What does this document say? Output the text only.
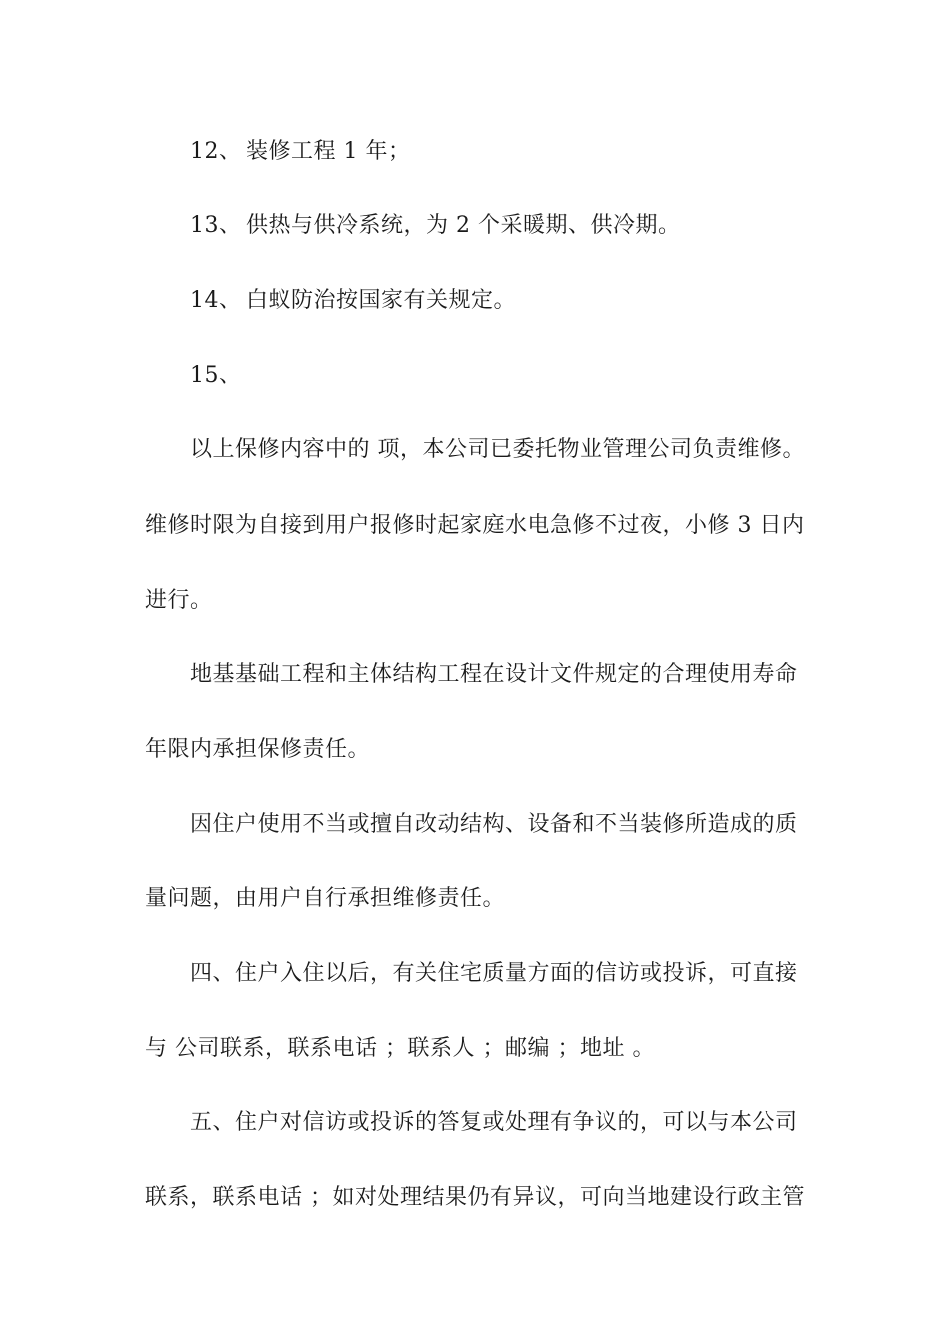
12、 装修工程 1 年；
13、 供热与供冷系统，为 2 个采暖期、供冷期。
14、 白蚁防治按国家有关规定。
15、
以上保修内容中的 项，本公司已委托物业管理公司负责维修。
维修时限为自接到用户报修时起家庭水电急修不过夜，小修 3 日内
进行。
地基基础工程和主体结构工程在设计文件规定的合理使用寿命
年限内承担保修责任。
因住户使用不当或擅自改动结构、设备和不当装修所造成的质
量问题，由用户自行承担维修责任。
四、住户入住以后，有关住宅质量方面的信访或投诉，可直接
与 公司联系，联系电话 ；联系人 ；邮编 ；地址 。
五、住户对信访或投诉的答复或处理有争议的，可以与本公司
联系，联系电话 ；如对处理结果仍有异议，可向当地建设行政主管
